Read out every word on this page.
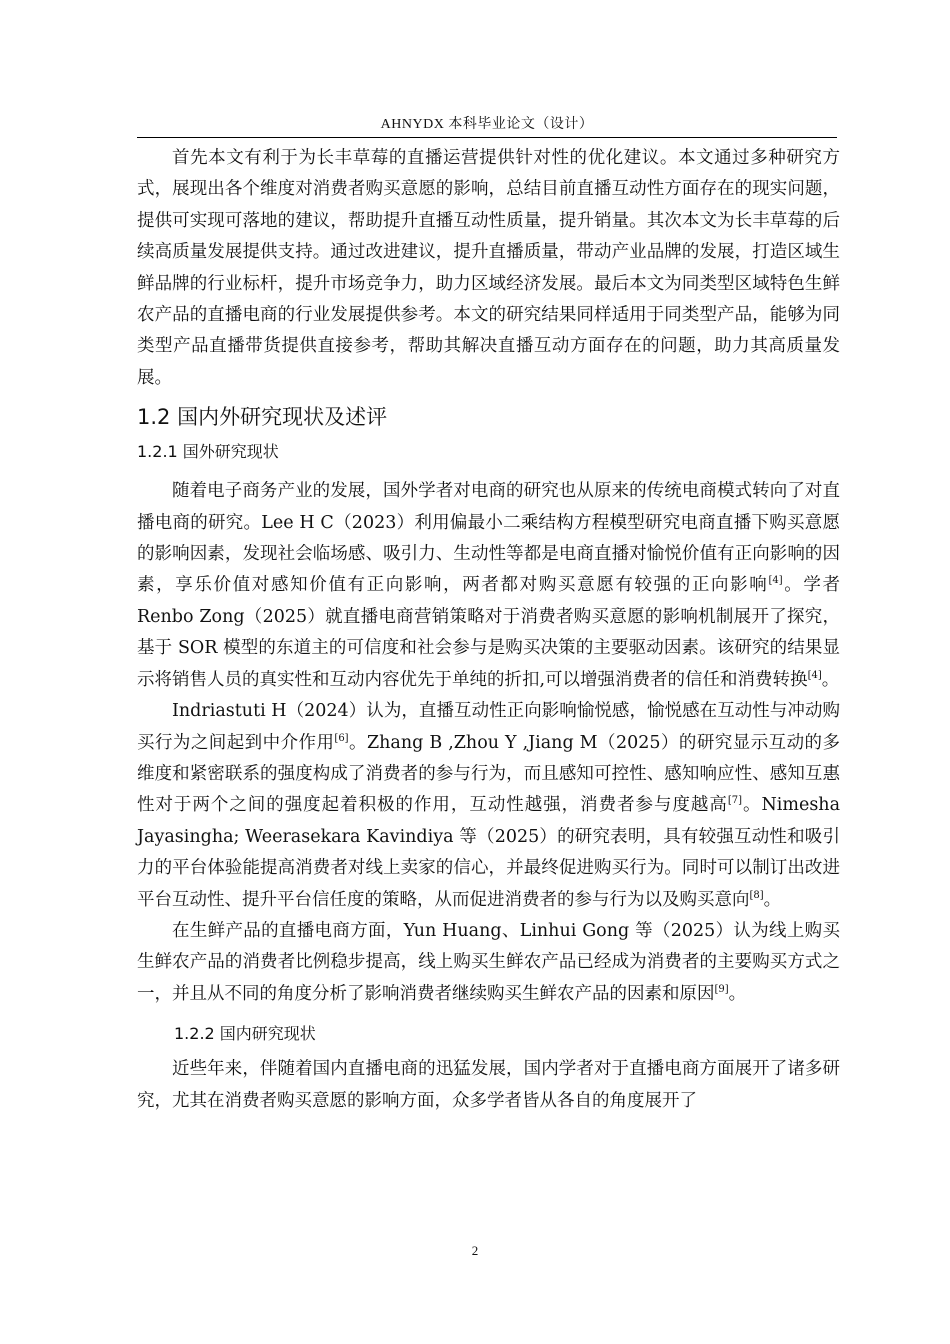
AHNYDX 本科毕业论文（设计）

首先本文有利于为长丰草莓的直播运营提供针对性的优化建议。本文通过多种研究方式，展现出各个维度对消费者购买意愿的影响，总结目前直播互动性方面存在的现实问题，提供可实现可落地的建议，帮助提升直播互动性质量，提升销量。其次本文为长丰草莓的后续高质量发展提供支持。通过改进建议，提升直播质量，带动产业品牌的发展，打造区域生鲜品牌的行业标杆，提升市场竞争力，助力区域经济发展。最后本文为同类型区域特色生鲜农产品的直播电商的行业发展提供参考。本文的研究结果同样适用于同类型产品，能够为同类型产品直播带货提供直接参考，帮助其解决直播互动方面存在的问题，助力其高质量发展。

1.2 国内外研究现状及述评
1.2.1 国外研究现状

随着电子商务产业的发展，国外学者对电商的研究也从原来的传统电商模式转向了对直播电商的研究。Lee H C（2023）利用偏最小二乘结构方程模型研究电商直播下购买意愿的影响因素，发现社会临场感、吸引力、生动性等都是电商直播对愉悦价值有正向影响的因素，享乐价值对感知价值有正向影响，两者都对购买意愿有较强的正向影响[4]。学者 Renbo Zong（2025）就直播电商营销策略对于消费者购买意愿的影响机制展开了探究，基于 SOR 模型的东道主的可信度和社会参与是购买决策的主要驱动因素。该研究的结果显示将销售人员的真实性和互动内容优先于单纯的折扣,可以增强消费者的信任和消费转换[4]。

Indriastuti H（2024）认为，直播互动性正向影响愉悦感，愉悦感在互动性与冲动购买行为之间起到中介作用[6]。Zhang B ,Zhou Y ,Jiang M（2025）的研究显示互动的多维度和紧密联系的强度构成了消费者的参与行为，而且感知可控性、感知响应性、感知互惠性对于两个之间的强度起着积极的作用，互动性越强，消费者参与度越高[7]。Nimesha Jayasingha; Weerasekara Kavindiya 等（2025）的研究表明，具有较强互动性和吸引力的平台体验能提高消费者对线上卖家的信心，并最终促进购买行为。同时可以制订出改进平台互动性、提升平台信任度的策略，从而促进消费者的参与行为以及购买意向[8]。

在生鲜产品的直播电商方面，Yun Huang、Linhui Gong 等（2025）认为线上购买生鲜农产品的消费者比例稳步提高，线上购买生鲜农产品已经成为消费者的主要购买方式之一，并且从不同的角度分析了影响消费者继续购买生鲜农产品的因素和原因[9]。

1.2.2 国内研究现状

近些年来，伴随着国内直播电商的迅猛发展，国内学者对于直播电商方面展开了诸多研究，尤其在消费者购买意愿的影响方面，众多学者皆从各自的角度展开了

2
